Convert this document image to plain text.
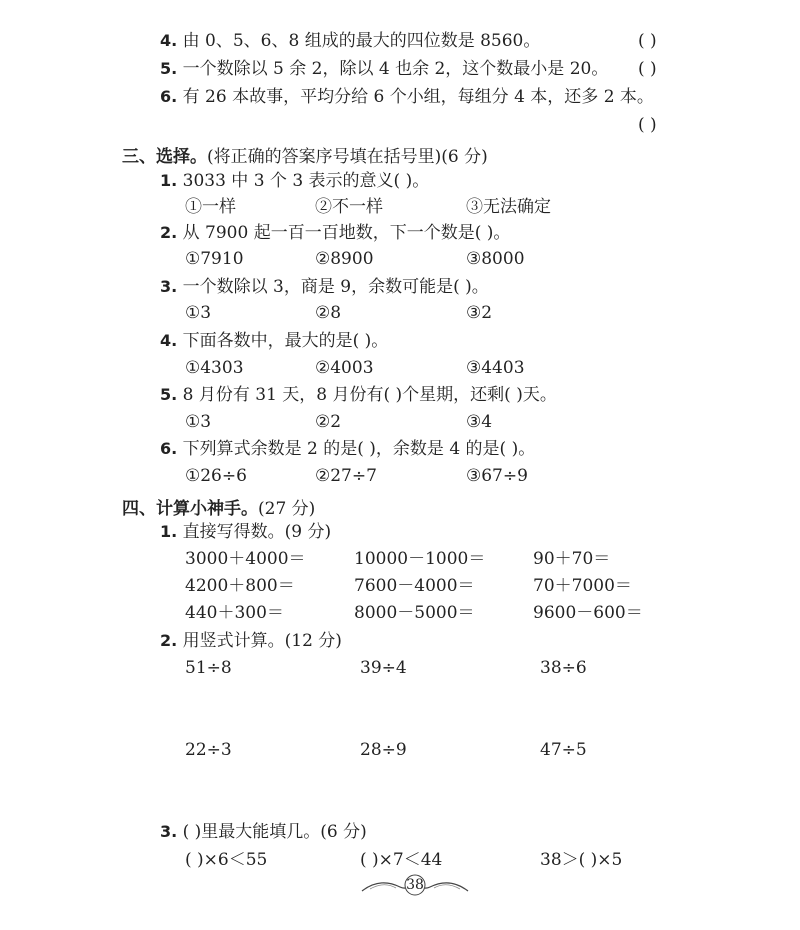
4. 由 0、5、6、8 组成的最大的四位数是 8560。	( )
5. 一个数除以 5 余 2，除以 4 也余 2，这个数最小是 20。 ( )
6. 有 26 本故事，平均分给 6 个小组，每组分 4 本，还多 2 本。
( )
三、选择。(将正确的答案序号填在括号里)(6 分)
1. 3033 中 3 个 3 表示的意义( )。
①一样	②不一样	③无法确定
2. 从 7900 起一百一百地数，下一个数是( )。
①7910	②8900	③8000
3. 一个数除以 3，商是 9，余数可能是( )。
①3	②8	③2
4. 下面各数中，最大的是( )。
①4303	②4003	③4403
5. 8 月份有 31 天，8 月份有( )个星期，还剩( )天。
①3	②2	③4
6. 下列算式余数是 2 的是( )，余数是 4 的是( )。
①26÷6	②27÷7	③67÷9
四、计算小神手。(27 分)
1. 直接写得数。(9 分)
3000＋4000＝	10000－1000＝	90＋70＝
4200＋800＝	7600－4000＝	70＋7000＝
440＋300＝	8000－5000＝	9600－600＝
2. 用竖式计算。(12 分)
51÷8	39÷4	38÷6
22÷3	28÷9	47÷5
3. ( )里最大能填几。(6 分)
( )×6＜55	( )×7＜44	38＞( )×5
38
